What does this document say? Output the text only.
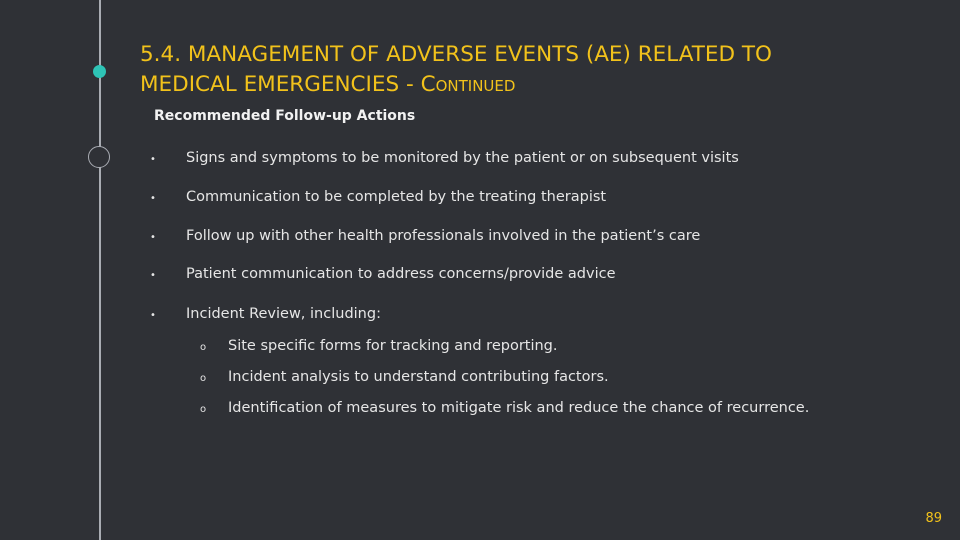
5.4. MANAGEMENT OF ADVERSE EVENTS (AE) RELATED TO MEDICAL EMERGENCIES - Continued
Recommended Follow-up Actions
• Signs and symptoms to be monitored by the patient or on subsequent visits
• Communication to be completed by the treating therapist
• Follow up with other health professionals involved in the patient’s care
• Patient communication to address concerns/provide advice
• Incident Review, including:
o Site specific forms for tracking and reporting.
o Incident analysis to understand contributing factors.
o Identification of measures to mitigate risk and reduce the chance of recurrence.
89
